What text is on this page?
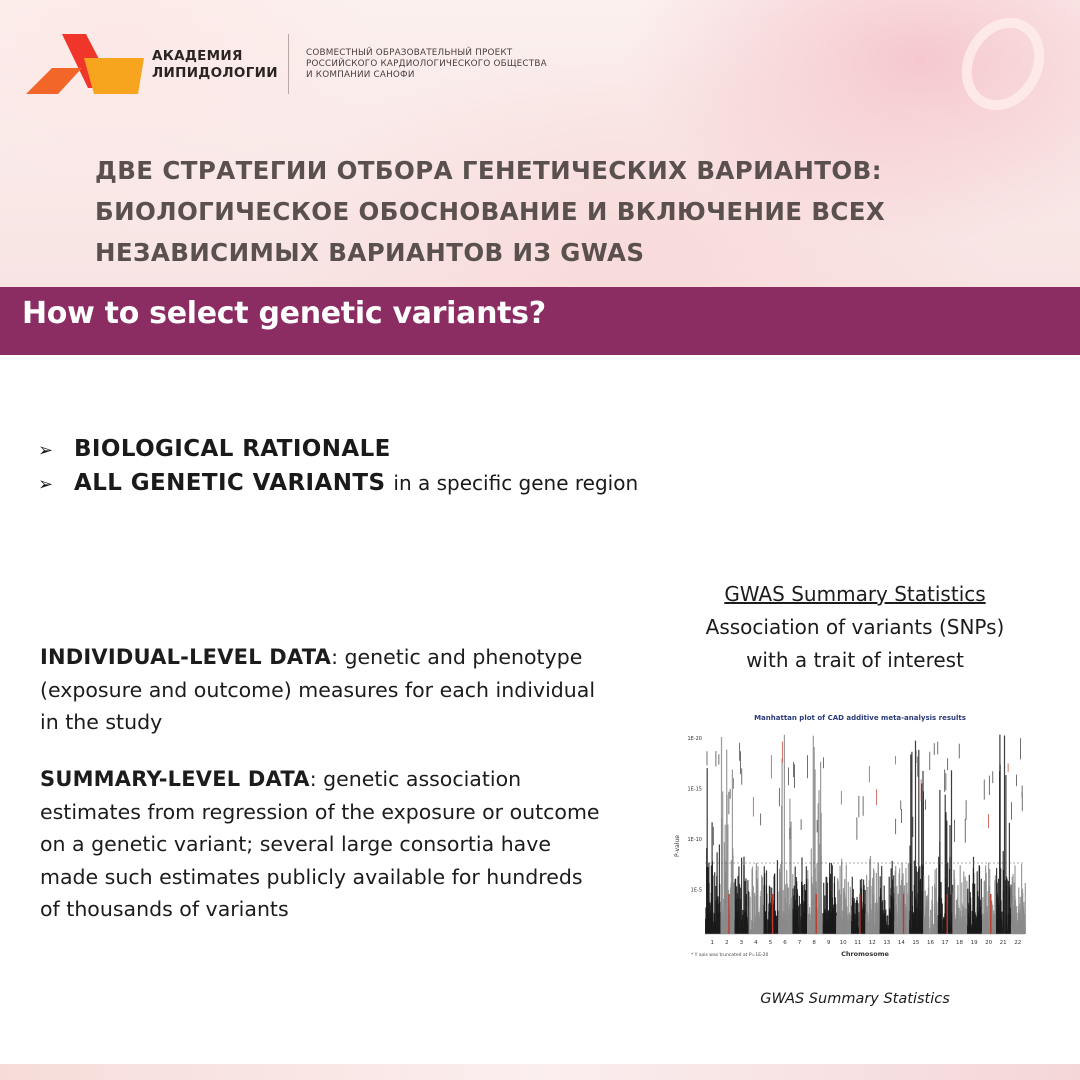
АКАДЕМИЯ
ЛИПИДОЛОГИИ
СОВМЕСТНЫЙ ОБРАЗОВАТЕЛЬНЫЙ ПРОЕКТ
РОССИЙСКОГО КАРДИОЛОГИЧЕСКОГО ОБЩЕСТВА
И КОМПАНИИ САНОФИ
ДВЕ СТРАТЕГИИ ОТБОРА ГЕНЕТИЧЕСКИХ ВАРИАНТОВ:
БИОЛОГИЧЕСКОЕ ОБОСНОВАНИЕ И ВКЛЮЧЕНИЕ ВСЕХ
НЕЗАВИСИМЫХ ВАРИАНТОВ ИЗ GWAS
How to select genetic variants?
➢ BIOLOGICAL RATIONALE
➢ ALL GENETIC VARIANTS in a specific gene region
INDIVIDUAL-LEVEL DATA: genetic and phenotype (exposure and outcome) measures for each individual in the study
SUMMARY-LEVEL DATA: genetic association estimates from regression of the exposure or outcome on a genetic variant; several large consortia have made such estimates publicly available for hundreds of thousands of variants
GWAS Summary Statistics
Association of variants (SNPs)
with a trait of interest
Manhattan plot of CAD additive meta-analysis results
P-value
1E-5
1E-10
1E-15
1E-20
1 2 3 4 5 6 7 8 9 10 11 12 13 14 15 16 17 18 19 20 21 22
Chromosome
* Y axis was truncated at P=1E-20
GWAS Summary Statistics
